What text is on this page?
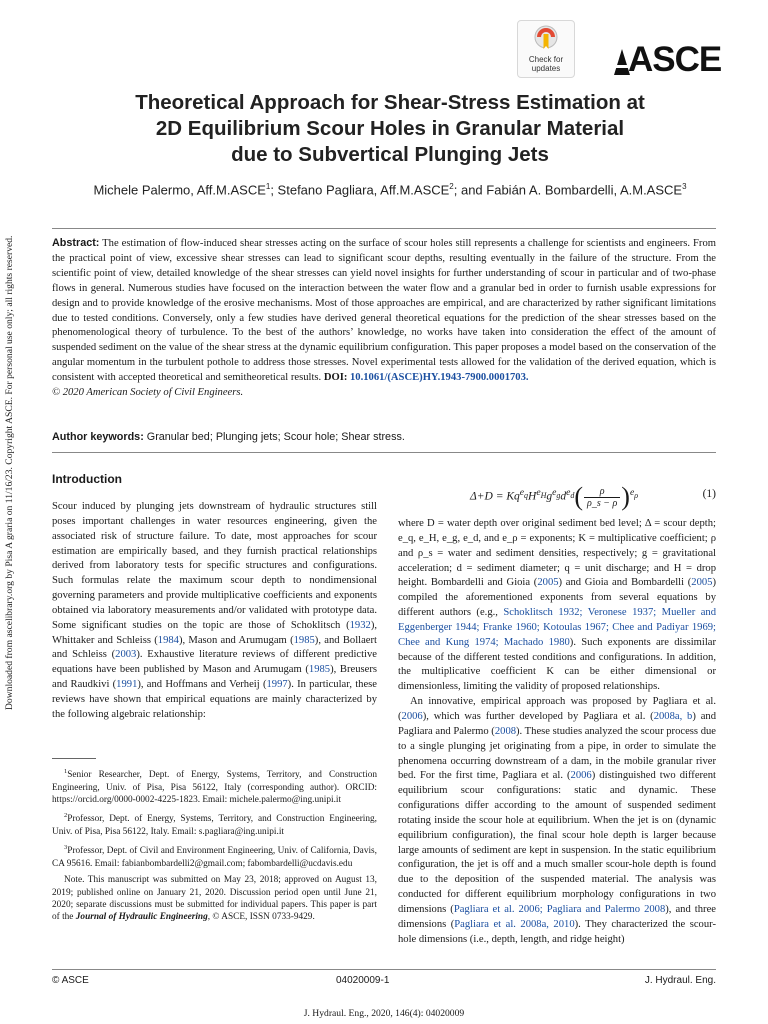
Check for
updates	ASCE
Downloaded from ascelibrary.org by Pisa A graria on 11/16/23. Copyright ASCE. For personal use only; all rights reserved.
Theoretical Approach for Shear-Stress Estimation at
2D Equilibrium Scour Holes in Granular Material
due to Subvertical Plunging Jets
Michele Palermo, Aff.M.ASCE$^1$; Stefano Pagliara, Aff.M.ASCE$^2$; and Fabián A. Bombardelli, A.M.ASCE$^3$
Abstract: The estimation of flow-induced shear stresses acting on the surface of scour holes still represents a challenge for scientists and engineers. From the practical point of view, excessive shear stresses can lead to significant scour depths, resulting eventually in the failure of the structure. From the scientific point of view, detailed knowledge of the shear stresses can yield novel insights for further understanding of scour in particular and of two-phase flows in general. Numerous studies have focused on the interaction between the water flow and a granular bed in order to furnish usable expressions for design and to provide knowledge of the erosive mechanisms. Most of those approaches are empirical, and are characterized by rather significant limitations due to tested conditions. Conversely, only a few studies have derived general theoretical equations for the prediction of the shear stresses based on the phenomenological theory of turbulence. To the best of the authors’ knowledge, no works have taken into consideration the effect of the amount of suspended sediment on the value of the shear stress at the dynamic equilibrium configuration. This paper proposes a model based on the conservation of the angular momentum in the turbulent pothole to address those stresses. Novel experimental tests allowed for the validation of the derived equation, which is consistent with accepted theoretical and semitheoretical results. DOI: 10.1061/(ASCE)HY.1943-7900.0001703.
© 2020 American Society of Civil Engineers.
Author keywords: Granular bed; Plunging jets; Scour hole; Shear stress.
Introduction

Scour induced by plunging jets downstream of hydraulic structures still poses important challenges in water resources engineering, given the associated risk of structure failure. To date, most approaches for scour estimation are empirically based, and they furnish practical relationships derived from laboratory tests for specific structures and configurations. Such formulas relate the maximum scour depth to nondimensional governing parameters and provide multiplicative coefficients and exponents obtained via laboratory measurements and/or validated with prototype data. Some significant studies on the topic are those of Schoklitsch (1932), Whittaker and Schleiss (1984), Mason and Arumugam (1985), and Bollaert and Schleiss (2003). Exhaustive literature reviews of different predictive equations have been published by Mason and Arumugam (1985), Breusers and Raudkivi (1991), and Hoffmans and Verheij (1997). In particular, these reviews have shown that empirical equations are mainly characterized by the following algebraic relationship:

$\Delta+D = Kq^{e_q}H^{e_H}g^{e_g}d^{e_d}( \frac{\rho}{\rho\_s - \rho} )^{e_\rho}$	(1)

where D = water depth over original sediment bed level; Δ = scour depth; e_q, e_H, e_g, e_d, and e_ρ = exponents; K = multiplicative coefficient; ρ and ρ_s = water and sediment densities, respectively; g = gravitational acceleration; d = sediment diameter; q = unit discharge; and H = drop height. Bombardelli and Gioia (2005) and Gioia and Bombardelli (2005) compiled the aforementioned exponents from several equations by different authors (e.g., Schoklitsch 1932; Veronese 1937; Mueller and Eggenberger 1944; Franke 1960; Kotoulas 1967; Chee and Padiyar 1969; Chee and Kung 1974; Machado 1980). Such exponents are dissimilar because of the different tested conditions and configurations. In addition, the multiplicative coefficient K can be either dimensional or dimensionless, limiting the validity of proposed relationships.

An innovative, empirical approach was proposed by Pagliara et al. (2006), which was further developed by Pagliara et al. (2008a, b) and Pagliara and Palermo (2008). These studies analyzed the scour process due to a single plunging jet originating from a pipe, in order to simulate the phenomena occurring downstream of a dam, in the mobile granular river bed. For the first time, Pagliara et al. (2006) distinguished two different equilibrium scour configurations: static and dynamic. These configurations differ according to the amount of suspended sediment rotating inside the scour hole at equilibrium. When the jet is on (dynamic equilibrium configuration), the final scour hole depth is larger because large amounts of sediment are kept in suspension. In the static equilibrium configuration, the jet is off and a much smaller scour-hole depth is found due to the deposition of the suspended material. The analysis was conducted for different equilibrium morphology configurations in two dimensions (Pagliara et al. 2006; Pagliara and Palermo 2008), and three dimensions (Pagliara et al. 2008a, 2010). They characterized the scour-hole dimensions (i.e., depth, length, and ridge height)

$^1$Senior Researcher, Dept. of Energy, Systems, Territory, and Construction Engineering, Univ. of Pisa, Pisa 56122, Italy (corresponding author). ORCID: https://orcid.org/0000-0002-4225-1823. Email: michele.palermo@ing.unipi.it

$^2$Professor, Dept. of Energy, Systems, Territory, and Construction Engineering, Univ. of Pisa, Pisa 56122, Italy. Email: s.pagliara@ing.unipi.it

$^3$Professor, Dept. of Civil and Environment Engineering, Univ. of California, Davis, CA 95616. Email: fabianbombardelli2@gmail.com; fabombardelli@ucdavis.edu

Note. This manuscript was submitted on May 23, 2018; approved on August 13, 2019; published online on January 21, 2020. Discussion period open until June 21, 2020; separate discussions must be submitted for individual papers. This paper is part of the Journal of Hydraulic Engineering, © ASCE, ISSN 0733-9429.

© ASCE	04020009-1	J. Hydraul. Eng.
J. Hydraul. Eng., 2020, 146(4): 04020009
